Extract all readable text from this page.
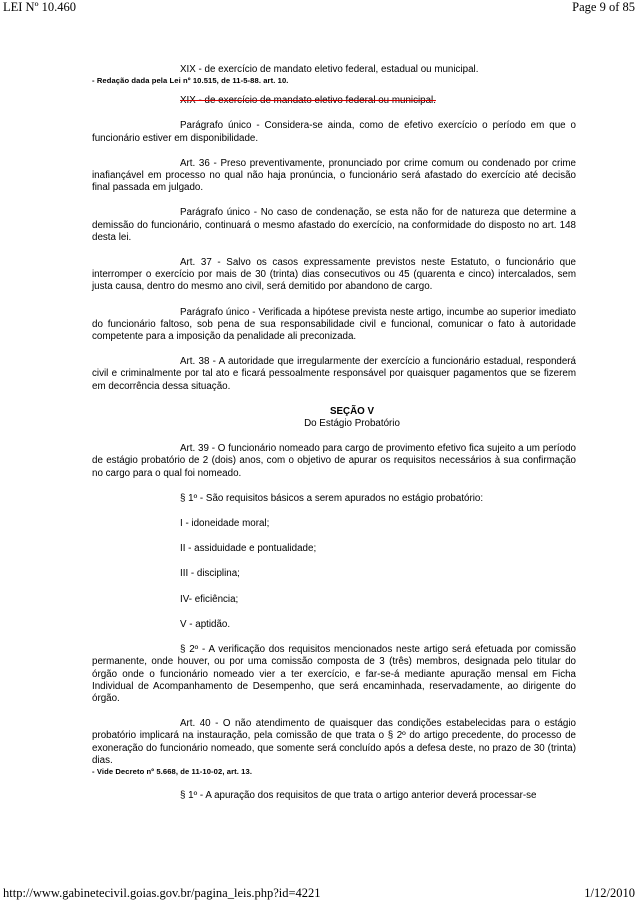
LEI Nº 10.460	Page 9 of 85

XIX - de exercício de mandato eletivo federal, estadual ou municipal.

- Redação dada pela Lei nº 10.515, de 11-5-88. art. 10.

XIX - de exercício de mandato eletivo federal ou municipal.

Parágrafo único - Considera-se ainda, como de efetivo exercício o período em que o funcionário estiver em disponibilidade.

Art. 36 - Preso preventivamente, pronunciado por crime comum ou condenado por crime inafiançável em processo no qual não haja pronúncia, o funcionário será afastado do exercício até decisão final passada em julgado.

Parágrafo único - No caso de condenação, se esta não for de natureza que determine a demissão do funcionário, continuará o mesmo afastado do exercício, na conformidade do disposto no art. 148 desta lei.

Art. 37 - Salvo os casos expressamente previstos neste Estatuto, o funcionário que interromper o exercício por mais de 30 (trinta) dias consecutivos ou 45 (quarenta e cinco) intercalados, sem justa causa, dentro do mesmo ano civil, será demitido por abandono de cargo.

Parágrafo único - Verificada a hipótese prevista neste artigo, incumbe ao superior imediato do funcionário faltoso, sob pena de sua responsabilidade civil e funcional, comunicar o fato à autoridade competente para a imposição da penalidade ali preconizada.

Art. 38 - A autoridade que irregularmente der exercício a funcionário estadual, responderá civil e criminalmente por tal ato e ficará pessoalmente responsável por quaisquer pagamentos que se fizerem em decorrência dessa situação.

SEÇÃO V

Do Estágio Probatório

Art. 39 - O funcionário nomeado para cargo de provimento efetivo fica sujeito a um período de estágio probatório de 2 (dois) anos, com o objetivo de apurar os requisitos necessários à sua confirmação no cargo para o qual foi nomeado.

§ 1º - São requisitos básicos a serem apurados no estágio probatório:

I - idoneidade moral;

II - assiduidade e pontualidade;

III - disciplina;

IV- eficiência;

V - aptidão.

§ 2º - A verificação dos requisitos mencionados neste artigo será efetuada por comissão permanente, onde houver, ou por uma comissão composta de 3 (três) membros, designada pelo titular do órgão onde o funcionário nomeado vier a ter exercício, e far-se-á mediante apuração mensal em Ficha Individual de Acompanhamento de Desempenho, que será encaminhada, reservadamente, ao dirigente do órgão.

Art. 40 - O não atendimento de quaisquer das condições estabelecidas para o estágio probatório implicará na instauração, pela comissão de que trata o § 2º do artigo precedente, do processo de exoneração do funcionário nomeado, que somente será concluído após a defesa deste, no prazo de 30 (trinta) dias.

- Vide Decreto nº 5.668, de 11-10-02, art. 13.

§ 1º - A apuração dos requisitos de que trata o artigo anterior deverá processar-se

http://www.gabinetecivil.goias.gov.br/pagina_leis.php?id=4221	1/12/2010
